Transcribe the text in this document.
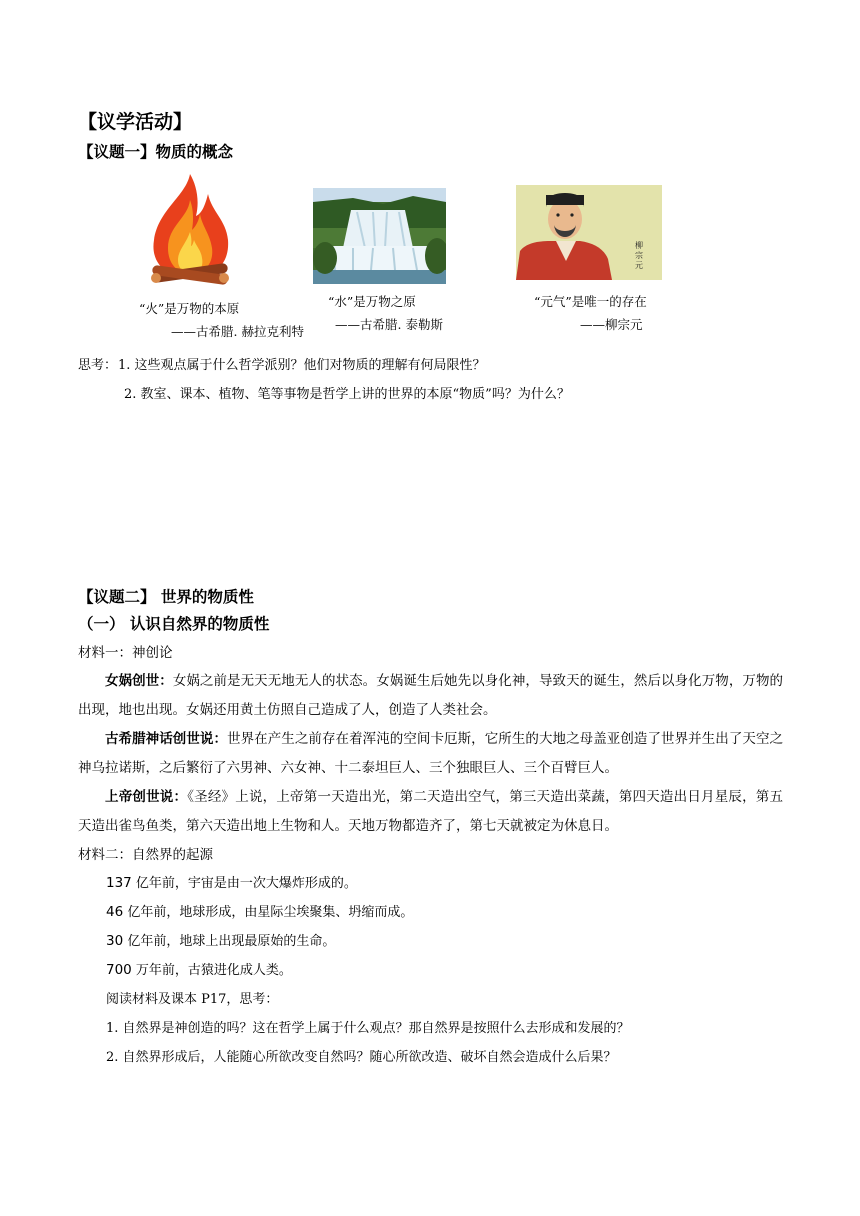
【议学活动】
【议题一】物质的概念
柳宗元
“火”是万物的本原
——古希腊. 赫拉克利特
“水”是万物之原
——古希腊. 泰勒斯
“元气”是唯一的存在
——柳宗元
思考： 1. 这些观点属于什么哲学派别？他们对物质的理解有何局限性？
2. 教室、课本、植物、笔等事物是哲学上讲的世界的本原“物质”吗？为什么？
【议题二】 世界的物质性
（一） 认识自然界的物质性
材料一：神创论
女娲创世：女娲之前是无天无地无人的状态。女娲诞生后她先以身化神，导致天的诞生，然后以身化万物，万物的出现，地也出现。女娲还用黄土仿照自己造成了人，创造了人类社会。
古希腊神话创世说：世界在产生之前存在着浑沌的空间卡厄斯，它所生的大地之母盖亚创造了世界并生出了天空之神乌拉诺斯，之后繁衍了六男神、六女神、十二泰坦巨人、三个独眼巨人、三个百臂巨人。
上帝创世说：《圣经》上说，上帝第一天造出光，第二天造出空气，第三天造出菜蔬，第四天造出日月星辰，第五天造出雀鸟鱼类，第六天造出地上生物和人。天地万物都造齐了，第七天就被定为休息日。
材料二：自然界的起源
137 亿年前，宇宙是由一次大爆炸形成的。
46 亿年前，地球形成，由星际尘埃聚集、坍缩而成。
30 亿年前，地球上出现最原始的生命。
700 万年前，古猿进化成人类。
阅读材料及课本 P17，思考：
1. 自然界是神创造的吗？这在哲学上属于什么观点？那自然界是按照什么去形成和发展的？
2. 自然界形成后，人能随心所欲改变自然吗？随心所欲改造、破坏自然会造成什么后果？
